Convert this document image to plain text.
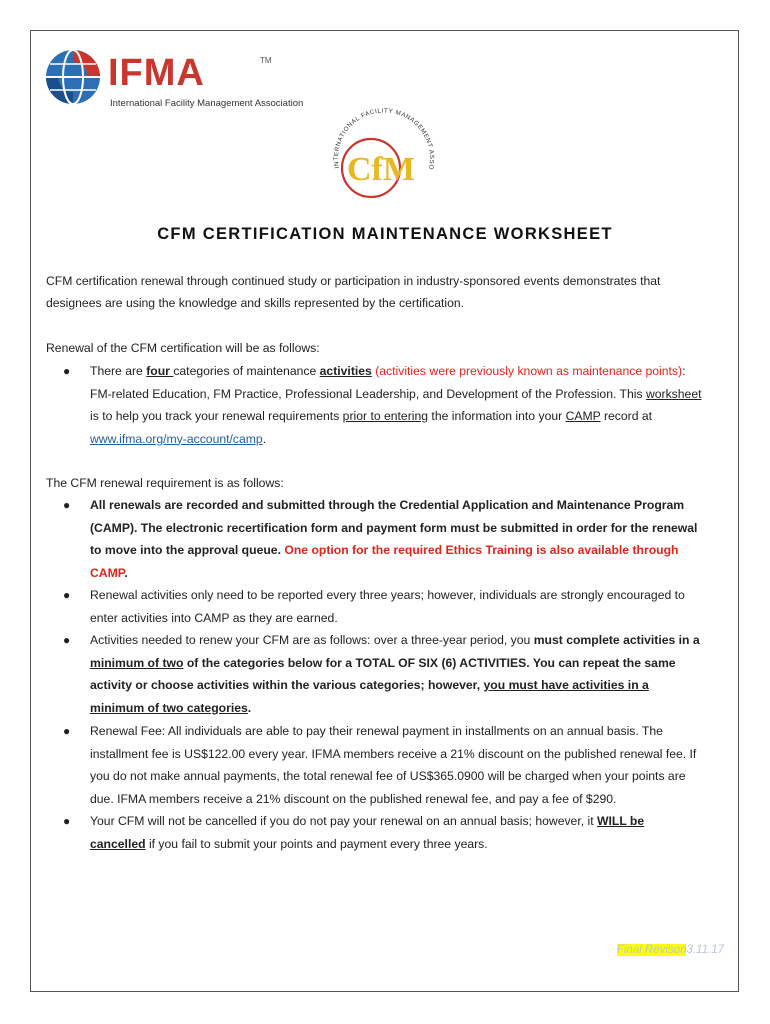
IFMA	TM
International Facility Management Association
INTERNATIONAL FACILITY MANAGEMENT ASSO
CfM
CFM CERTIFICATION MAINTENANCE WORKSHEET
CFM certification renewal through continued study or participation in industry-sponsored events demonstrates that
designees are using the knowledge and skills represented by the certification.
Renewal of the CFM certification will be as follows:
● There are four categories of maintenance activities (activities were previously known as maintenance points):
FM-related Education, FM Practice, Professional Leadership, and Development of the Profession. This worksheet
is to help you track your renewal requirements prior to entering the information into your CAMP record at
www.ifma.org/my-account/camp.
The CFM renewal requirement is as follows:
● All renewals are recorded and submitted through the Credential Application and Maintenance Program
(CAMP). The electronic recertification form and payment form must be submitted in order for the renewal
to move into the approval queue. One option for the required Ethics Training is also available through
CAMP.
● Renewal activities only need to be reported every three years; however, individuals are strongly encouraged to
enter activities into CAMP as they are earned.
● Activities needed to renew your CFM are as follows: over a three-year period, you must complete activities in a
minimum of two of the categories below for a TOTAL OF SIX (6) ACTIVITIES. You can repeat the same
activity or choose activities within the various categories; however, you must have activities in a
minimum of two categories.
● Renewal Fee: All individuals are able to pay their renewal payment in installments on an annual basis. The
installment fee is US$122.00 every year. IFMA members receive a 21% discount on the published renewal fee. If
you do not make annual payments, the total renewal fee of US$365.0900 will be charged when your points are
due. IFMA members receive a 21% discount on the published renewal fee, and pay a fee of $290.
● Your CFM will not be cancelled if you do not pay your renewal on an annual basis; however, it WILL be
cancelled if you fail to submit your points and payment every three years.
Final Revison3.11.17
